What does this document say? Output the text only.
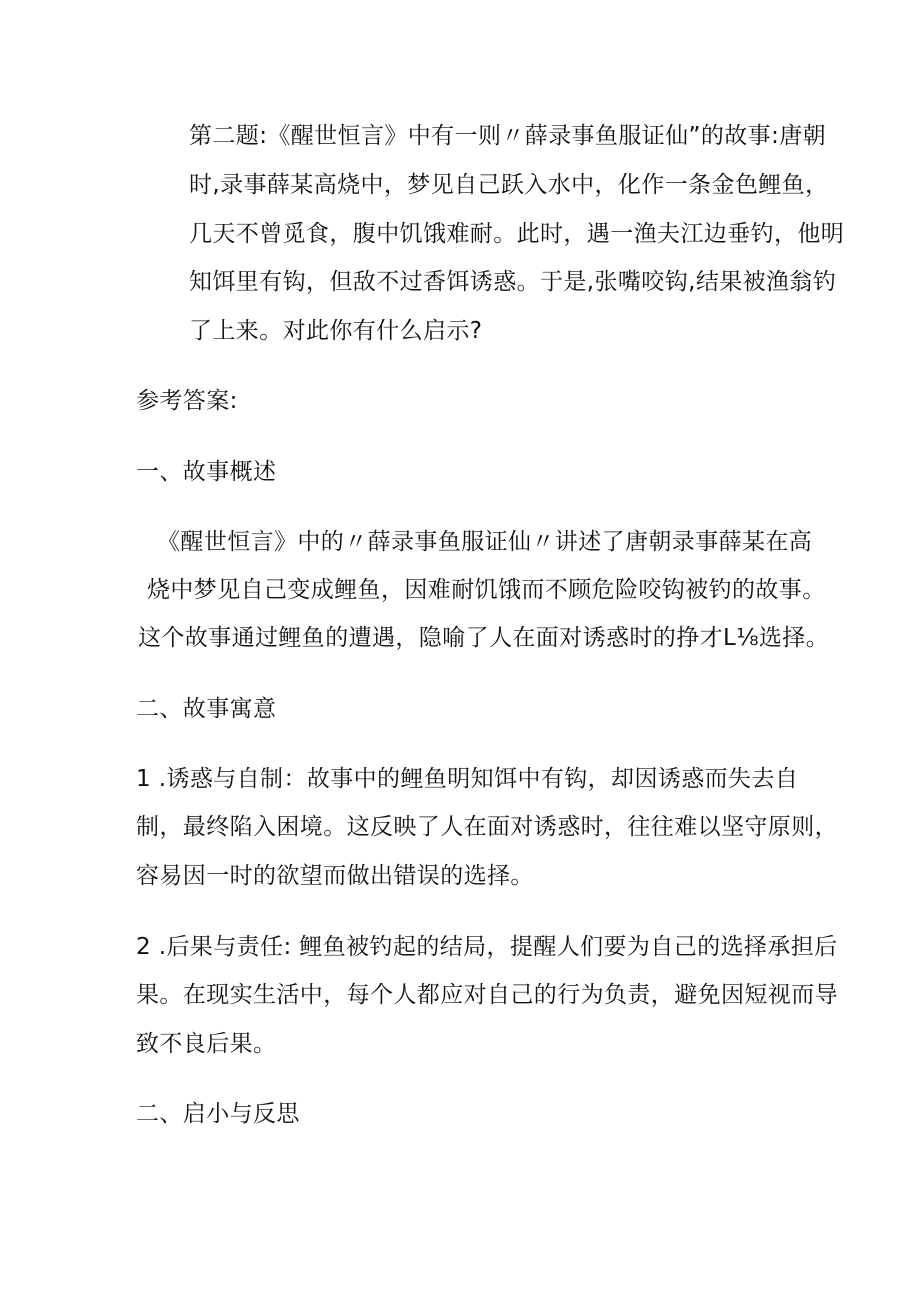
第二题:《醒世恒言》中有一则〃薛录事鱼服证仙”的故事:唐朝
时,录事薛某高烧中，梦见自己跃入水中，化作一条金色鲤鱼，
几天不曾觅食，腹中饥饿难耐。此时，遇一渔夫江边垂钓，他明
知饵里有钩，但敌不过香饵诱惑。于是,张嘴咬钩,结果被渔翁钓
了上来。对此你有什么启示?
参考答案:
一、故事概述
《醒世恒言》中的〃薛录事鱼服证仙〃讲述了唐朝录事薛某在高
烧中梦见自己变成鲤鱼，因难耐饥饿而不顾危险咬钩被钓的故事。
这个故事通过鲤鱼的遭遇，隐喻了人在面对诱惑时的挣才L⅛选择。
二、故事寓意
1 .诱惑与自制：故事中的鲤鱼明知饵中有钩，却因诱惑而失去自
制，最终陷入困境。这反映了人在面对诱惑时，往往难以坚守原则，
容易因一时的欲望而做出错误的选择。
2 .后果与责任: 鲤鱼被钓起的结局，提醒人们要为自己的选择承担后
果。在现实生活中，每个人都应对自己的行为负责，避免因短视而导
致不良后果。
二、启小与反思
